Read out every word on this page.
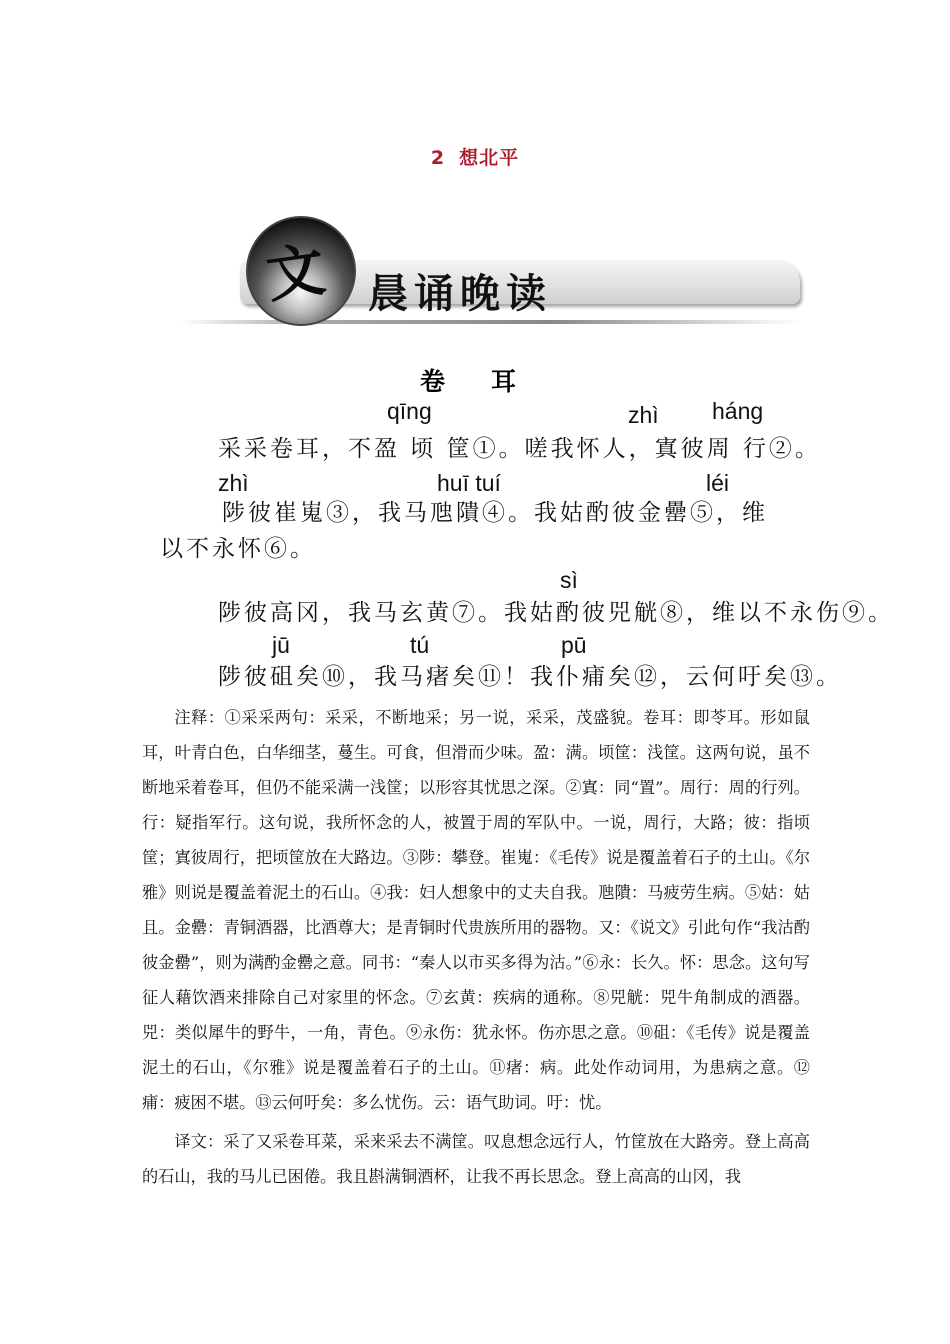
2 想北平
文 晨诵晚读
卷耳
qīng	zhì háng
zhì	huī tuí	léi
sì
jū	tú	pū
采采卷耳，不盈 顷 筐①。嗟我怀人，寘彼周 行②。
陟彼崔嵬③，我马虺隤④。我姑酌彼金罍⑤，维
以不永怀⑥。
陟彼高冈，我马玄黄⑦。我姑酌彼兕觥⑧，维以不永伤⑨。
陟彼砠矣⑩，我马瘏矣⑪！我仆痡矣⑫，云何吁矣⑬。

注释：①采采两句：采采，不断地采；另一说，采采，茂盛貌。卷耳：即苓耳。形如鼠耳，叶青白色，白华细茎，蔓生。可食，但滑而少味。盈：满。顷筐：浅筐。这两句说，虽不断地采着卷耳，但仍不能采满一浅筐；以形容其忧思之深。②寘：同“置”。周行：周的行列。行：疑指军行。这句说，我所怀念的人，被置于周的军队中。一说，周行，大路；彼：指顷筐；寘彼周行，把顷筐放在大路边。③陟：攀登。崔嵬：《毛传》说是覆盖着石子的土山。《尔雅》则说是覆盖着泥土的石山。④我：妇人想象中的丈夫自我。虺隤：马疲劳生病。⑤姑：姑且。金罍：青铜酒器，比酒尊大；是青铜时代贵族所用的器物。又：《说文》引此句作“我沽酌彼金罍”，则为满酌金罍之意。同书：“秦人以市买多得为沽。”⑥永：长久。怀：思念。这句写征人藉饮酒来排除自己对家里的怀念。⑦玄黄：疾病的通称。⑧兕觥：兕牛角制成的酒器。兕：类似犀牛的野牛，一角，青色。⑨永伤：犹永怀。伤亦思之意。⑩砠：《毛传》说是覆盖泥土的石山，《尔雅》说是覆盖着石子的土山。⑪瘏：病。此处作动词用，为患病之意。⑫痡：疲困不堪。⑬云何吁矣：多么忧伤。云：语气助词。吁：忧。

译文：采了又采卷耳菜，采来采去不满筐。叹息想念远行人，竹筐放在大路旁。登上高高的石山，我的马儿已困倦。我且斟满铜酒杯，让我不再长思念。登上高高的山冈，我
